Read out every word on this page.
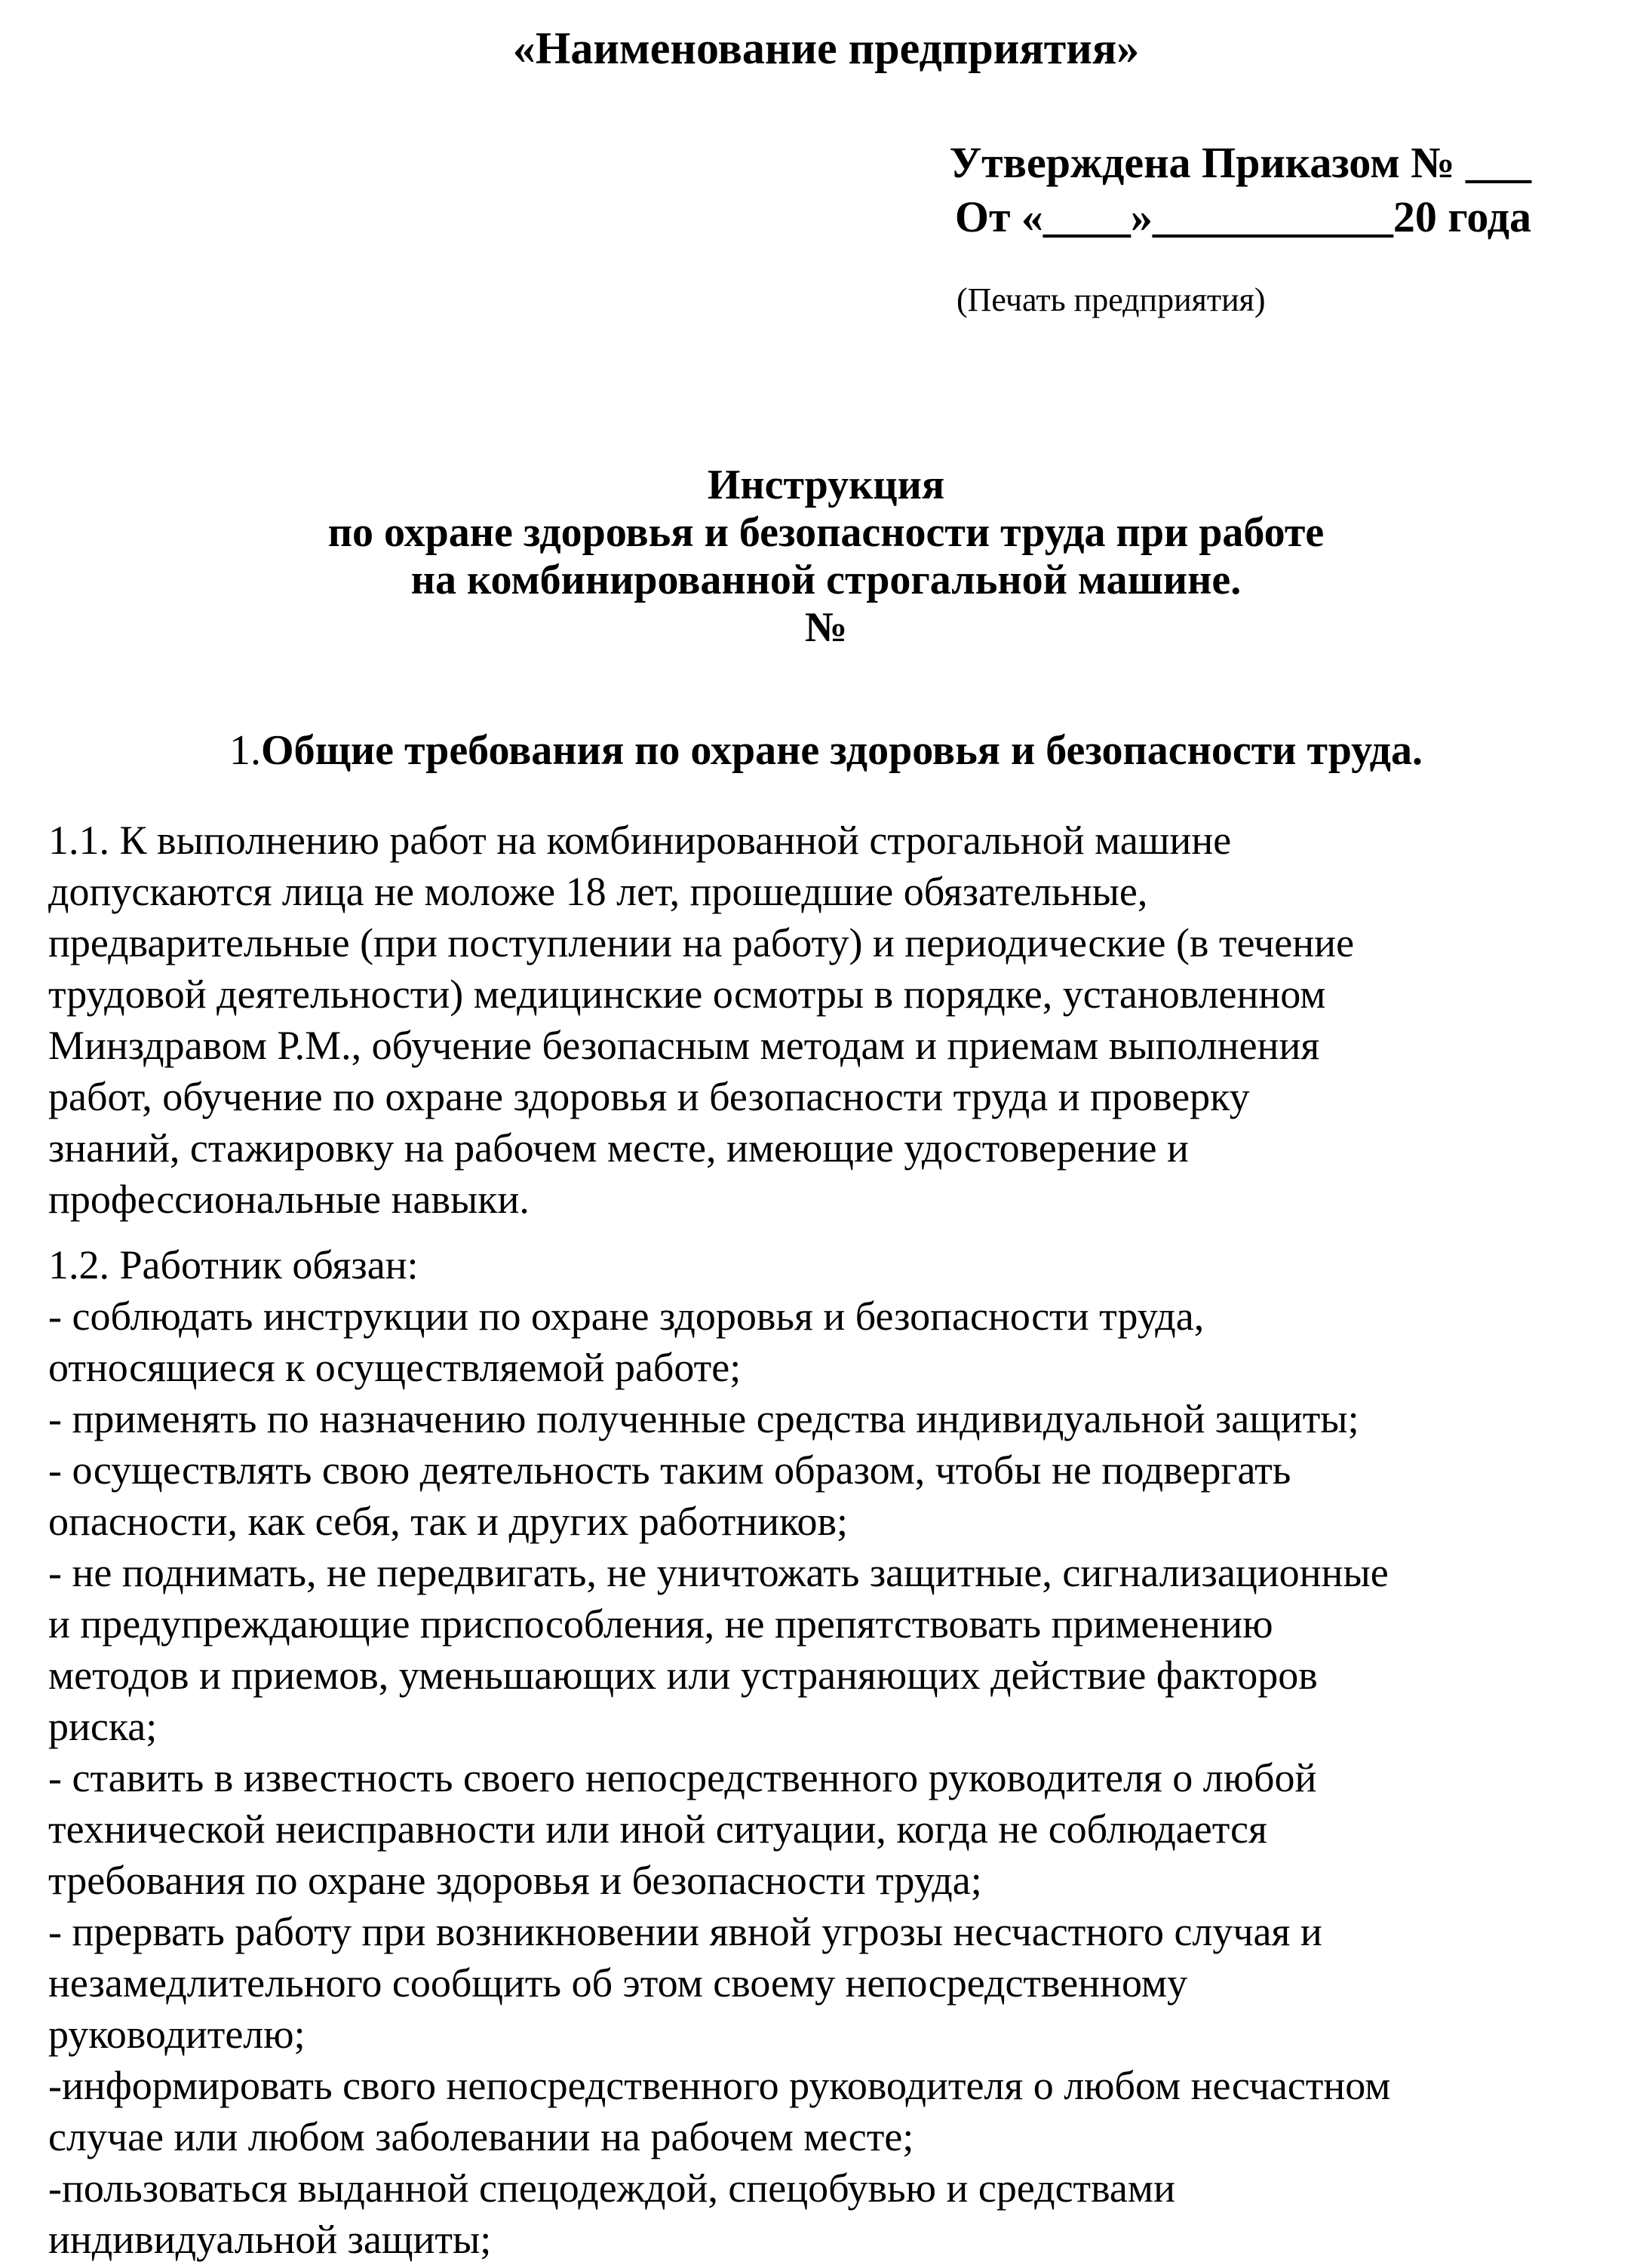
«Наименование предприятия»
Утверждена Приказом № ___
От «____»___________20 года
(Печать предприятия)
Инструкция
по охране здоровья и безопасности труда при работе
на комбинированной строгальной машине.
№
1.Общие требования по охране здоровья и безопасности труда.
1.1. К выполнению работ на комбинированной строгальной машине
допускаются лица не моложе 18 лет, прошедшие обязательные,
предварительные (при поступлении на работу) и периодические (в течение
трудовой деятельности) медицинские осмотры в порядке, установленном
Минздравом Р.М., обучение безопасным методам и приемам выполнения
работ, обучение по охране здоровья и безопасности труда и проверку
знаний, стажировку на рабочем месте, имеющие удостоверение и
профессиональные навыки.
1.2. Работник обязан:
- соблюдать инструкции по охране здоровья и безопасности труда,
относящиеся к осуществляемой работе;
- применять по назначению полученные средства индивидуальной защиты;
- осуществлять свою деятельность таким образом, чтобы не подвергать
опасности, как себя, так и других работников;
- не поднимать, не передвигать, не уничтожать защитные, сигнализационные
и предупреждающие приспособления, не препятствовать применению
методов и приемов, уменьшающих или устраняющих действие факторов
риска;
- ставить в известность своего непосредственного руководителя о любой
технической неисправности или иной ситуации, когда не соблюдается
требования по охране здоровья и безопасности труда;
- прервать работу при возникновении явной угрозы несчастного случая и
незамедлительного сообщить об этом своему непосредственному
руководителю;
-информировать свого непосредственного руководителя о любом несчастном
случае или любом заболевании на рабочем месте;
-пользоваться выданной спецодеждой, спецобувью и средствами
индивидуальной защиты;
